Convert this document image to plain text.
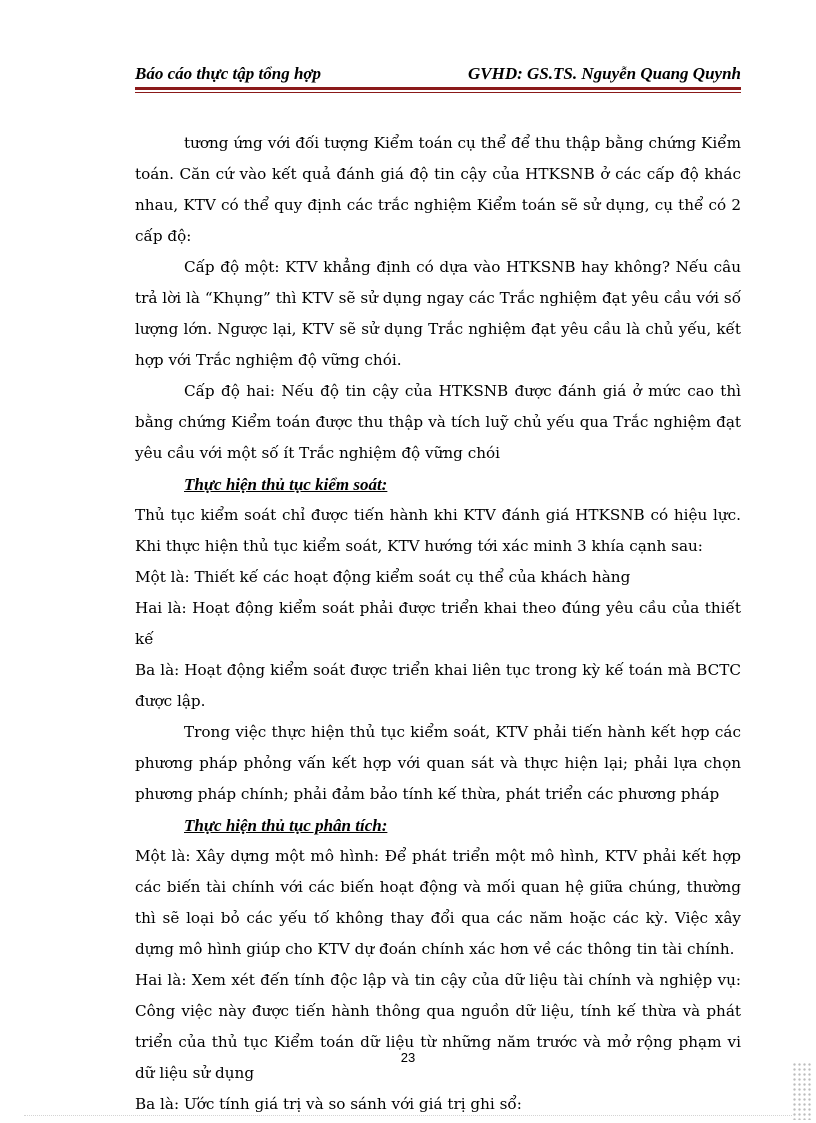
Báo cáo thực tập tổng hợp	GVHD: GS.TS. Nguyễn Quang Quynh

tương ứng với đối tượng Kiểm toán cụ thể để thu thập bằng chứng Kiểm toán. Căn cứ vào kết quả đánh giá độ tin cậy của HTKSNB ở các cấp độ khác nhau, KTV có thể quy định các trắc nghiệm Kiểm toán sẽ sử dụng, cụ thể có 2 cấp độ:

Cấp độ một: KTV khẳng định có dựa vào HTKSNB hay không? Nếu câu trả lời là “Khụng” thì KTV sẽ sử dụng ngay các Trắc nghiệm đạt yêu cầu với số lượng lớn. Ngược lại, KTV sẽ sử dụng Trắc nghiệm đạt yêu cầu là chủ yếu, kết hợp với Trắc nghiệm độ vững chói.

Cấp độ hai: Nếu độ tin cậy của HTKSNB được đánh giá ở mức cao thì bằng chứng Kiểm toán được thu thập và tích luỹ chủ yếu qua Trắc nghiệm đạt yêu cầu với một số ít Trắc nghiệm độ vững chói

Thực hiện thủ tục kiểm soát:

Thủ tục kiểm soát chỉ được tiến hành khi KTV đánh giá HTKSNB có hiệu lực. Khi thực hiện thủ tục kiểm soát, KTV hướng tới xác minh 3 khía cạnh sau:

Một là: Thiết kế các hoạt động kiểm soát cụ thể của khách hàng

Hai là: Hoạt động kiểm soát phải được triển khai theo đúng yêu cầu của thiết kế

Ba là: Hoạt động kiểm soát được triển khai liên tục trong kỳ kế toán mà BCTC được lập.

Trong việc thực hiện thủ tục kiểm soát, KTV phải tiến hành kết hợp các phương pháp phỏng vấn kết hợp với quan sát và thực hiện lại; phải lựa chọn phương pháp chính; phải đảm bảo tính kế thừa, phát triển các phương pháp

Thực hiện thủ tục phân tích:

Một là: Xây dựng một mô hình: Để phát triển một mô hình, KTV phải kết hợp các biến tài chính với các biến hoạt động và mối quan hệ giữa chúng, thường thì sẽ loại bỏ các yếu tố không thay đổi qua các năm hoặc các kỳ. Việc xây dựng mô hình giúp cho KTV dự đoán chính xác hơn về các thông tin tài chính.

Hai là: Xem xét đến tính độc lập và tin cậy của dữ liệu tài chính và nghiệp vụ: Công việc này được tiến hành thông qua nguồn dữ liệu, tính kế thừa và phát triển của thủ tục Kiểm toán dữ liệu từ những năm trước và mở rộng phạm vi dữ liệu sử dụng

Ba là: Ước tính giá trị và so sánh với giá trị ghi sổ:

23
